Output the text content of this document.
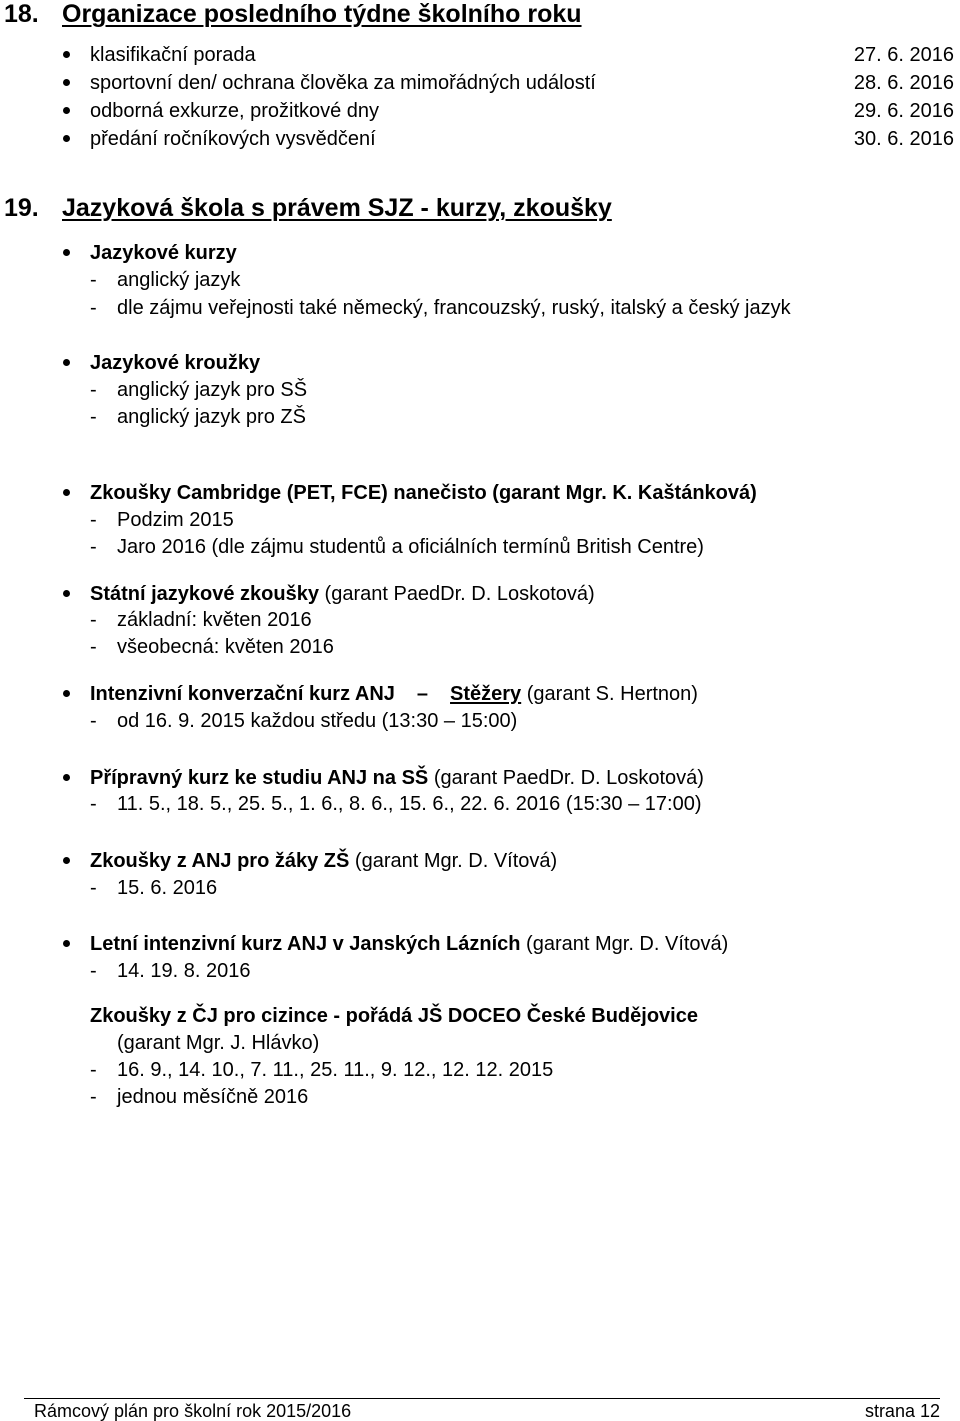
18. Organizace posledního týdne školního roku
klasifikační porada	27. 6. 2016
sportovní den/ ochrana člověka za mimořádných událostí	28. 6. 2016
odborná exkurze, prožitkové dny	29. 6. 2016
předání ročníkových vysvědčení	30. 6. 2016
19. Jazyková škola s právem SJZ - kurzy, zkoušky
Jazykové kurzy
- anglický jazyk
- dle zájmu veřejnosti také německý, francouzský, ruský, italský a český jazyk
Jazykové kroužky
- anglický jazyk pro SŠ
- anglický jazyk pro ZŠ
Zkoušky Cambridge (PET, FCE) nanečisto (garant Mgr. K. Kaštánková)
- Podzim 2015
- Jaro 2016 (dle zájmu studentů a oficiálních termínů British Centre)
Státní jazykové zkoušky (garant PaedDr. D. Loskotová)
- základní: květen 2016
- všeobecná: květen 2016
Intenzivní konverzační kurz ANJ – Stěžery (garant S. Hertnon)
- od 16. 9. 2015 každou středu (13:30 – 15:00)
Přípravný kurz ke studiu ANJ na SŠ (garant PaedDr. D. Loskotová)
- 11. 5., 18. 5., 25. 5., 1. 6., 8. 6., 15. 6., 22. 6. 2016 (15:30 – 17:00)
Zkoušky z ANJ pro žáky ZŠ (garant Mgr. D. Vítová)
- 15. 6. 2016
Letní intenzivní kurz ANJ v Janských Lázních (garant Mgr. D. Vítová)
- 14. 19. 8. 2016
Zkoušky z ČJ pro cizince - pořádá JŠ DOCEO České Budějovice
(garant Mgr. J. Hlávko)
- 16. 9., 14. 10., 7. 11., 25. 11., 9. 12., 12. 12. 2015
- jednou měsíčně 2016
Rámcový plán pro školní rok 2015/2016	strana 12
